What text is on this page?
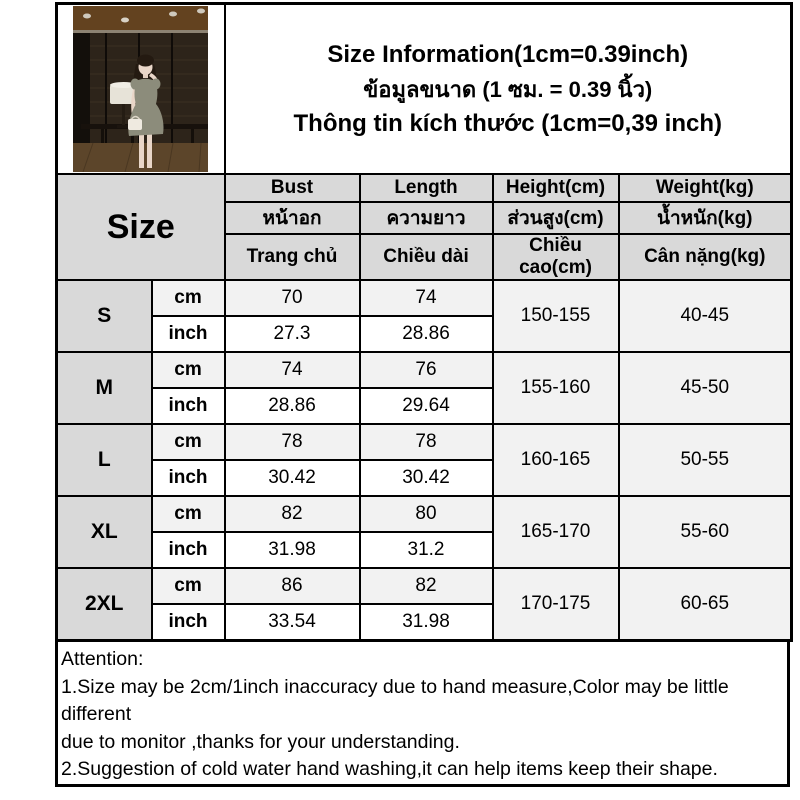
Size Information(1cm=0.39inch)
ข้อมูลขนาด (1 ซม. = 0.39 นิ้ว)
Thông tin kích thước (1cm=0,39 inch)			

Size		Bust	Length	Height(cm)	Weight(kg)
		หน้าอก	ความยาว	ส่วนสูง(cm)	น้ำหนัก(kg)
		Trang chủ	Chiều dài	Chiều cao(cm)	Cân nặng(kg)
S	cm	70	74	150-155	40-45
	inch	27.3	28.86		
M	cm	74	76	155-160	45-50
	inch	28.86	29.64		
L	cm	78	78	160-165	50-55
	inch	30.42	30.42		
XL	cm	82	80	165-170	55-60
	inch	31.98	31.2		
2XL	cm	86	82	170-175	60-65
	inch	33.54	31.98		
Attention:
1.Size may be 2cm/1inch inaccuracy due to hand measure,Color may be little different
due to monitor ,thanks for your understanding.
2.Suggestion of cold water hand washing,it can help items keep their shape.
